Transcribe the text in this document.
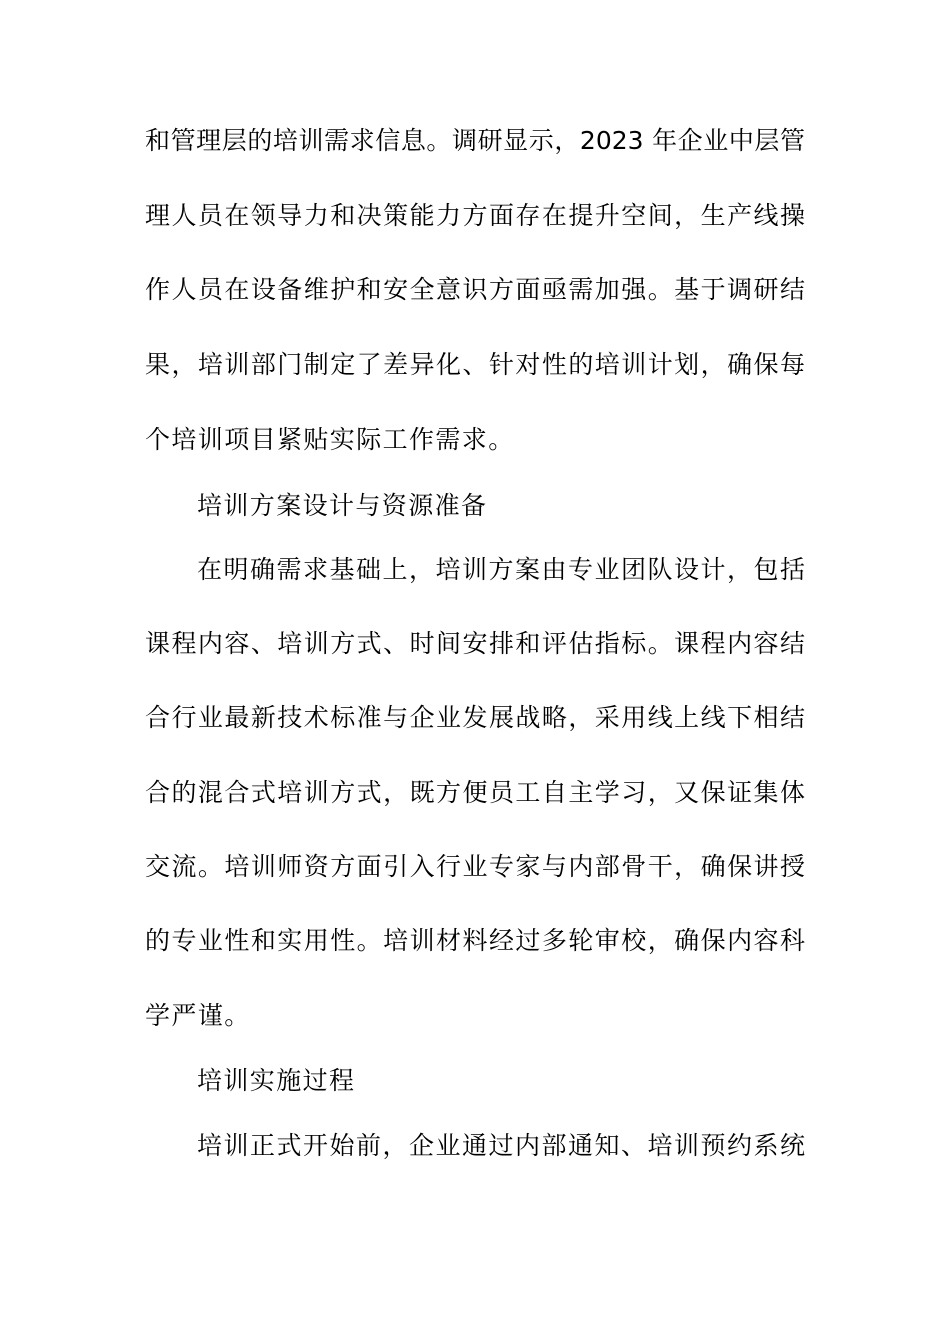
和管理层的培训需求信息。调研显示，2023 年企业中层管
理人员在领导力和决策能力方面存在提升空间，生产线操
作人员在设备维护和安全意识方面亟需加强。基于调研结
果，培训部门制定了差异化、针对性的培训计划，确保每
个培训项目紧贴实际工作需求。
培训方案设计与资源准备
在明确需求基础上，培训方案由专业团队设计，包括
课程内容、培训方式、时间安排和评估指标。课程内容结
合行业最新技术标准与企业发展战略，采用线上线下相结
合的混合式培训方式，既方便员工自主学习，又保证集体
交流。培训师资方面引入行业专家与内部骨干，确保讲授
的专业性和实用性。培训材料经过多轮审校，确保内容科
学严谨。
培训实施过程
培训正式开始前，企业通过内部通知、培训预约系统
